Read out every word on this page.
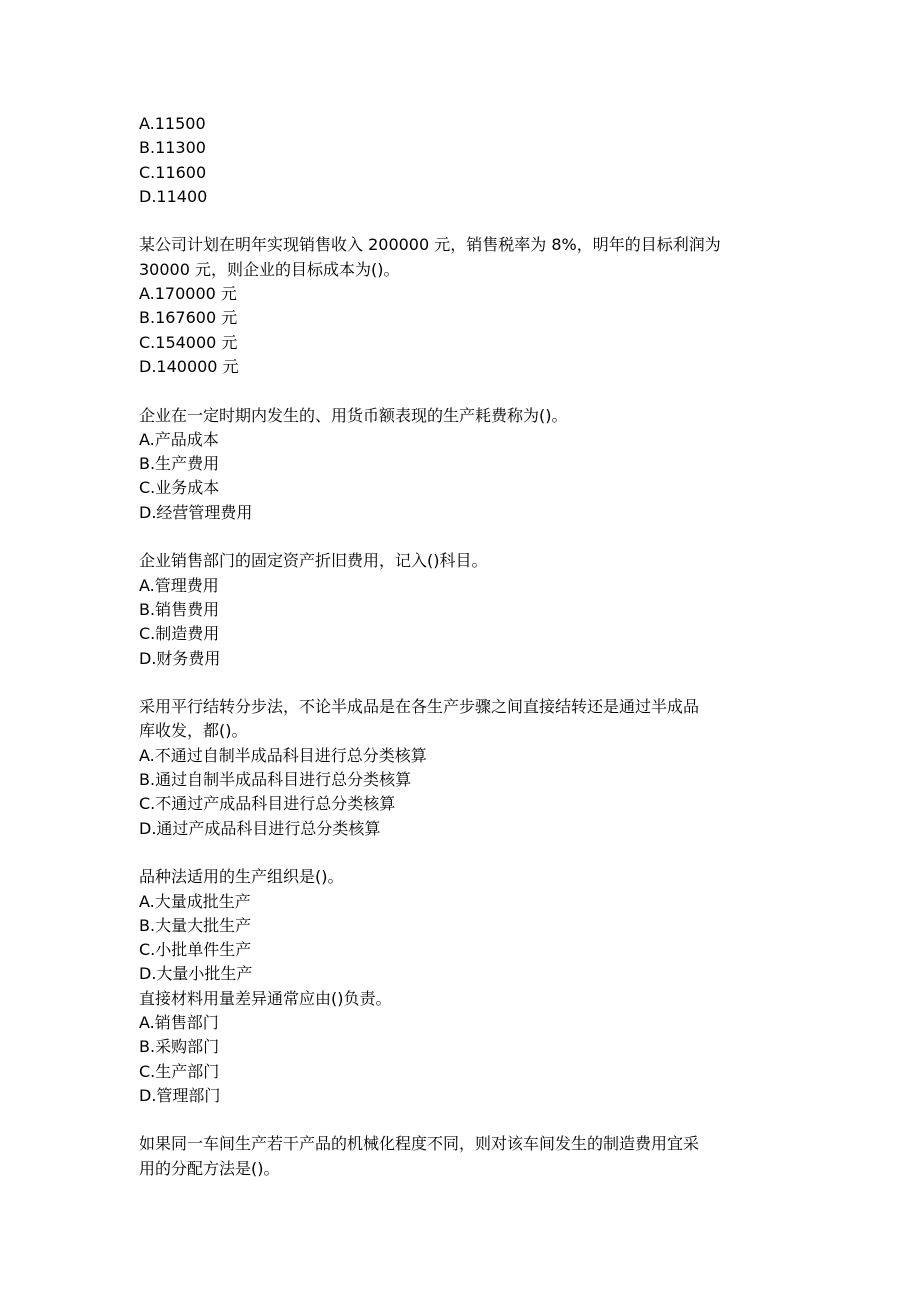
A.11500

B.11300

C.11600

D.11400

某公司计划在明年实现销售收入 200000 元，销售税率为 8%，明年的目标利润为

30000 元，则企业的目标成本为()。

A.170000 元

B.167600 元

C.154000 元

D.140000 元

企业在一定时期内发生的、用货币额表现的生产耗费称为()。

A.产品成本

B.生产费用

C.业务成本

D.经营管理费用

企业销售部门的固定资产折旧费用，记入()科目。

A.管理费用

B.销售费用

C.制造费用

D.财务费用

采用平行结转分步法，不论半成品是在各生产步骤之间直接结转还是通过半成品

库收发，都()。

A.不通过自制半成品科目进行总分类核算

B.通过自制半成品科目进行总分类核算

C.不通过产成品科目进行总分类核算

D.通过产成品科目进行总分类核算

品种法适用的生产组织是()。

A.大量成批生产

B.大量大批生产

C.小批单件生产

D.大量小批生产

直接材料用量差异通常应由()负责。

A.销售部门

B.采购部门

C.生产部门

D.管理部门

如果同一车间生产若干产品的机械化程度不同，则对该车间发生的制造费用宜采

用的分配方法是()。
